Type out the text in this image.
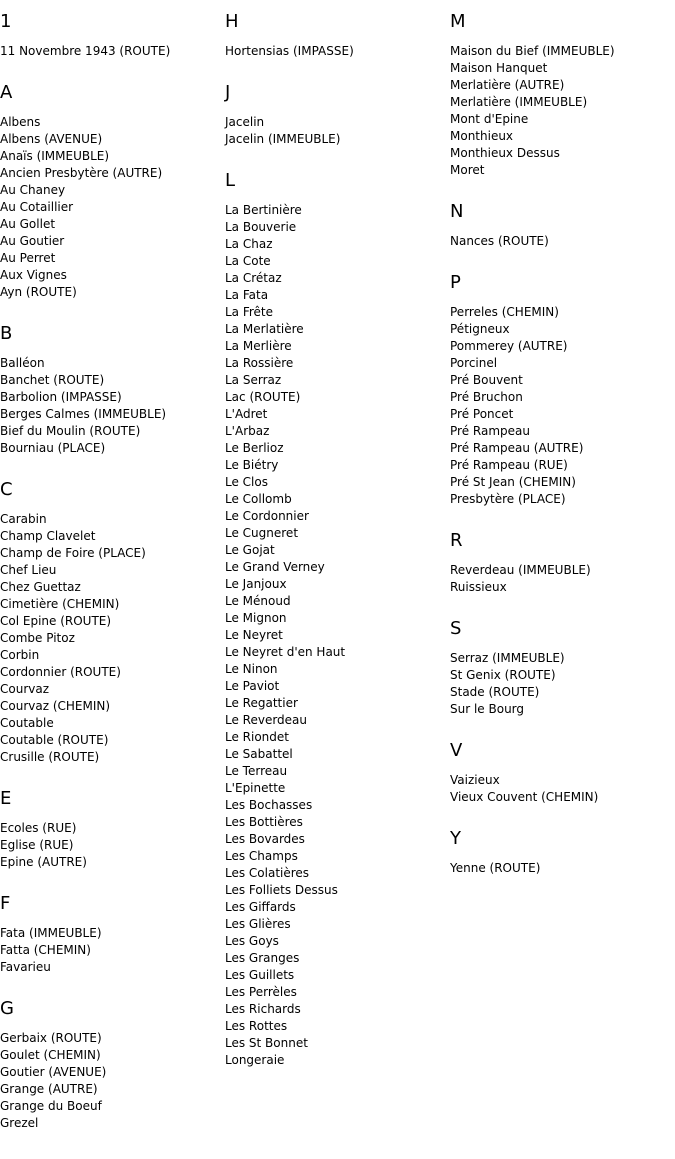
1
11 Novembre 1943 (ROUTE)
A
Albens
Albens (AVENUE)
Anaïs (IMMEUBLE)
Ancien Presbytère (AUTRE)
Au Chaney
Au Cotaillier
Au Gollet
Au Goutier
Au Perret
Aux Vignes
Ayn (ROUTE)
B
Balléon
Banchet (ROUTE)
Barbolion (IMPASSE)
Berges Calmes (IMMEUBLE)
Bief du Moulin (ROUTE)
Bourniau (PLACE)
C
Carabin
Champ Clavelet
Champ de Foire (PLACE)
Chef Lieu
Chez Guettaz
Cimetière (CHEMIN)
Col Epine (ROUTE)
Combe Pitoz
Corbin
Cordonnier (ROUTE)
Courvaz
Courvaz (CHEMIN)
Coutable
Coutable (ROUTE)
Crusille (ROUTE)
E
Ecoles (RUE)
Eglise (RUE)
Epine (AUTRE)
F
Fata (IMMEUBLE)
Fatta (CHEMIN)
Favarieu
G
Gerbaix (ROUTE)
Goulet (CHEMIN)
Goutier (AVENUE)
Grange (AUTRE)
Grange du Boeuf
Grezel
H
Hortensias (IMPASSE)
J
Jacelin
Jacelin (IMMEUBLE)
L
La Bertinière
La Bouverie
La Chaz
La Cote
La Crétaz
La Fata
La Frête
La Merlatière
La Merlière
La Rossière
La Serraz
Lac (ROUTE)
L'Adret
L'Arbaz
Le Berlioz
Le Biétry
Le Clos
Le Collomb
Le Cordonnier
Le Cugneret
Le Gojat
Le Grand Verney
Le Janjoux
Le Ménoud
Le Mignon
Le Neyret
Le Neyret d'en Haut
Le Ninon
Le Paviot
Le Regattier
Le Reverdeau
Le Riondet
Le Sabattel
Le Terreau
L'Epinette
Les Bochasses
Les Bottières
Les Bovardes
Les Champs
Les Colatières
Les Folliets Dessus
Les Giffards
Les Glières
Les Goys
Les Granges
Les Guillets
Les Perrèles
Les Richards
Les Rottes
Les St Bonnet
Longeraie
M
Maison du Bief (IMMEUBLE)
Maison Hanquet
Merlatière (AUTRE)
Merlatière (IMMEUBLE)
Mont d'Epine
Monthieux
Monthieux Dessus
Moret
N
Nances (ROUTE)
P
Perreles (CHEMIN)
Pétigneux
Pommerey (AUTRE)
Porcinel
Pré Bouvent
Pré Bruchon
Pré Poncet
Pré Rampeau
Pré Rampeau (AUTRE)
Pré Rampeau (RUE)
Pré St Jean (CHEMIN)
Presbytère (PLACE)
R
Reverdeau (IMMEUBLE)
Ruissieux
S
Serraz (IMMEUBLE)
St Genix (ROUTE)
Stade (ROUTE)
Sur le Bourg
V
Vaizieux
Vieux Couvent (CHEMIN)
Y
Yenne (ROUTE)
